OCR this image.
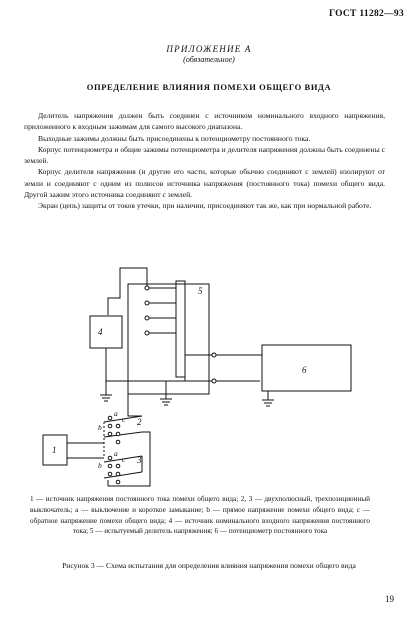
ГОСТ 11282—93
ПРИЛОЖЕНИЕ А
(обязательное)
ОПРЕДЕЛЕНИЕ ВЛИЯНИЯ ПОМЕХИ ОБЩЕГО ВИДА

Делитель напряжения должен быть соединен с источником номинального входного напряжения, приложенного к входным зажимам для самого высокого диапазона.

Выходные зажимы должны быть присоединены к потенциометру постоянного тока.

Корпус потенциометра и общие зажимы потенциометра и делителя напряжения должны быть соединены с землей.

Корпус делителя напряжения (и другие его части, которые обычно соединяют с землей) изолируют от земли и соединяют с одним из полюсов источника напряжения (постоянного тока) помехи общего вида. Другой зажим этого источника соединяют с землей.

Экран (цепь) защиты от токов утечки, при наличии, присоединяют так же, как при нормальной работе.

4
5
6
1
2
3
a
b
c
a
b
c
1 — источник напряжения постоянного тока помехи общего вида; 2, 3 — двухполюсный, трехпозиционный выключатель; a — выключение и короткое замыкание; b — прямое напряжение помехи общего вида; c — обратное напряжение помехи общего вида; 4 — источник номинального входного напряжения постоянного тока; 5 — испытуемый делитель напряжения; 6 — потенциометр постоянного тока
Рисунок 3 — Схема испытания для определения влияния напряжения помехи общего вида
19
